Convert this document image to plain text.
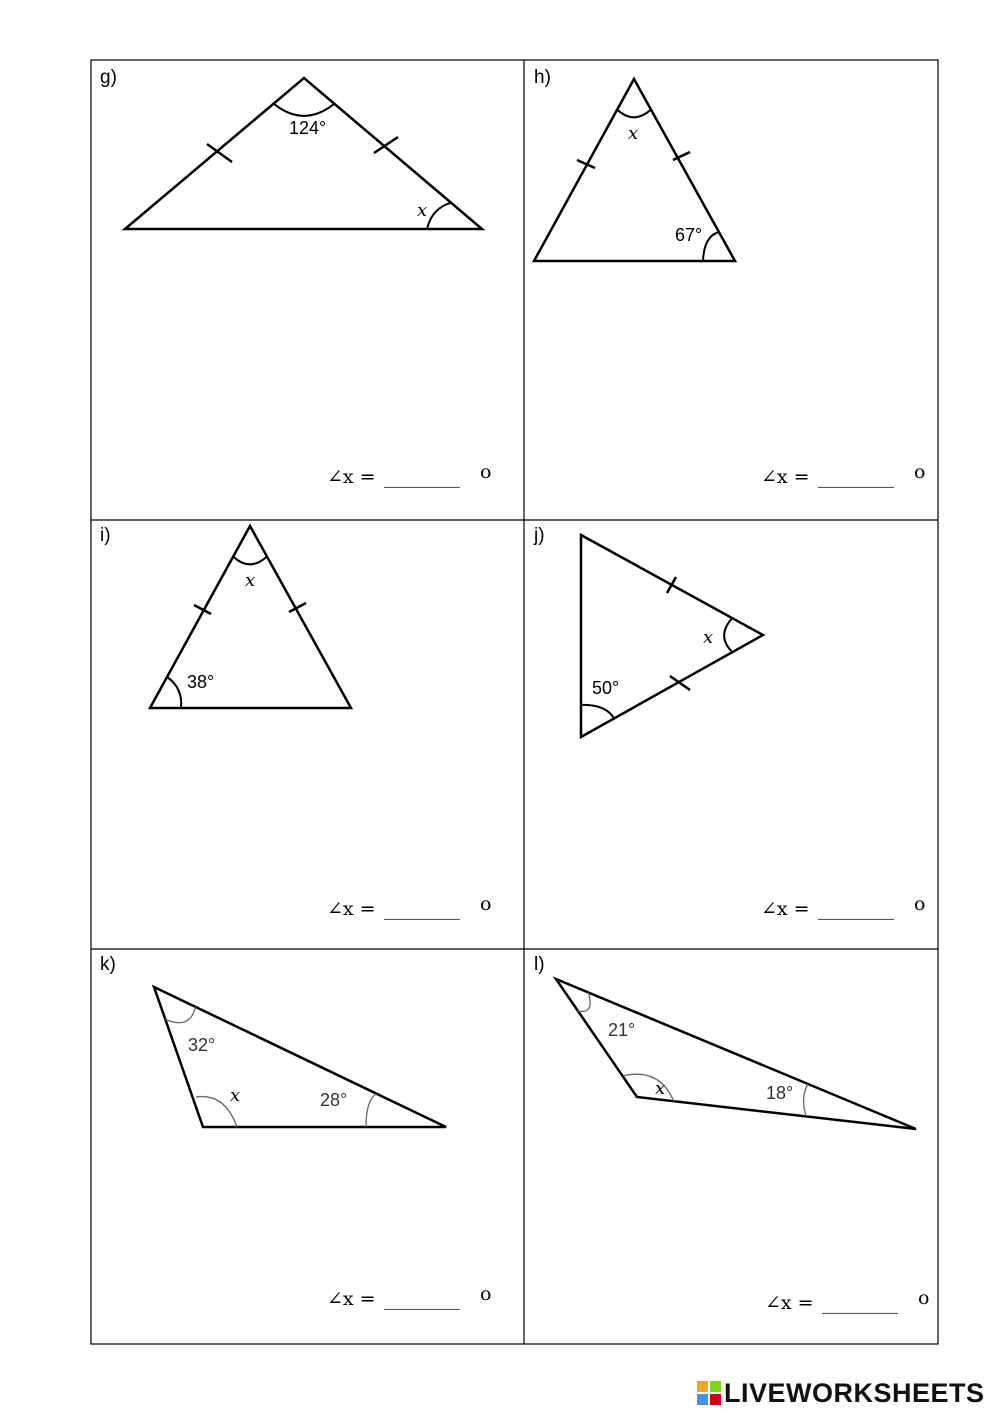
g)
124°
x
∠x = ________ o
h)
x
67°
∠x = ________ o
i)
x
38°
∠x = ________ o
j)
x
50°
∠x = ________ o
k)
32°
x	28°
∠x = ________ o
l)
21°
x	18°
∠x = ________ o
LIVEWORKSHEETS
